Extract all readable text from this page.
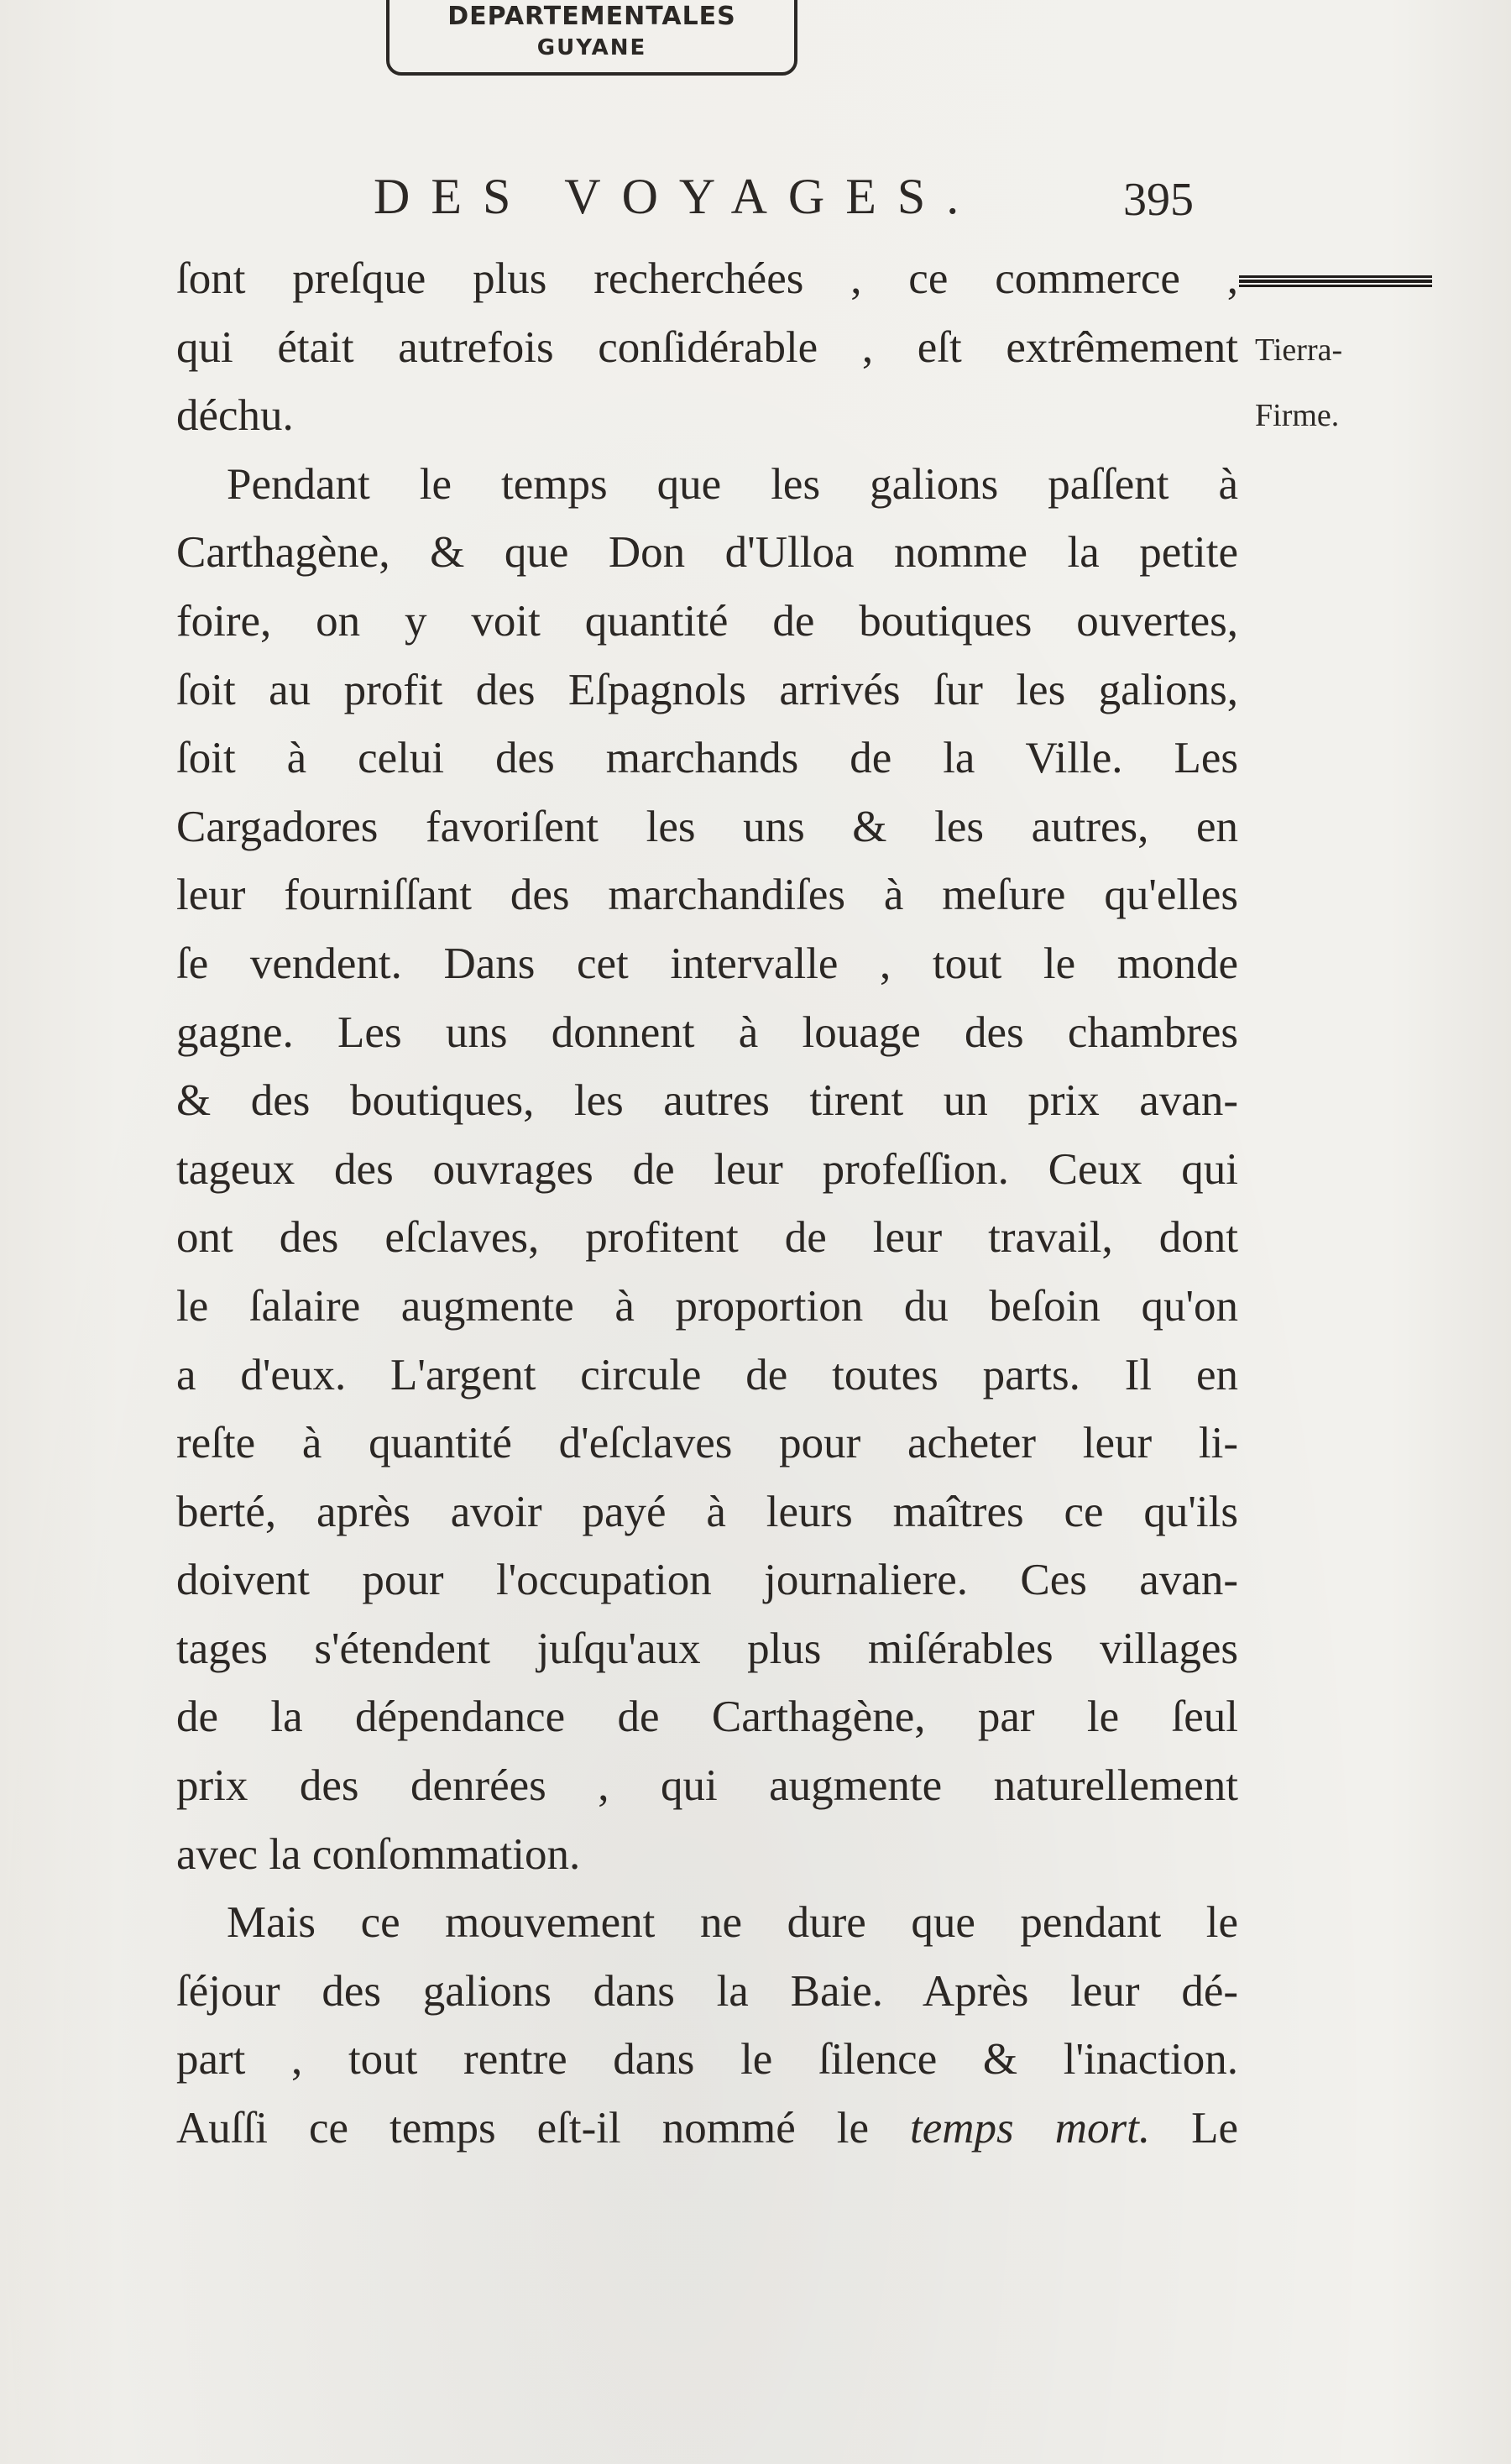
DEPARTEMENTALES
GUYANE
DES VOYAGES.	395
Tierra-
Firme.
ſont preſque plus recherchées , ce commerce ,
qui était autrefois conſidérable , eſt extrêmement
déchu.
Pendant le temps que les galions paſſent à
Carthagène, & que Don d'Ulloa nomme la petite
foire, on y voit quantité de boutiques ouvertes,
ſoit au profit des Eſpagnols arrivés ſur les galions,
ſoit à celui des marchands de la Ville. Les
Cargadores favoriſent les uns & les autres, en
leur fourniſſant des marchandiſes à meſure qu'elles
ſe vendent. Dans cet intervalle , tout le monde
gagne. Les uns donnent à louage des chambres
& des boutiques, les autres tirent un prix avan-
tageux des ouvrages de leur profeſſion. Ceux qui
ont des eſclaves, profitent de leur travail, dont
le ſalaire augmente à proportion du beſoin qu'on
a d'eux. L'argent circule de toutes parts. Il en
reſte à quantité d'eſclaves pour acheter leur li-
berté, après avoir payé à leurs maîtres ce qu'ils
doivent pour l'occupation journaliere. Ces avan-
tages s'étendent juſqu'aux plus miſérables villages
de la dépendance de Carthagène, par le ſeul
prix des denrées , qui augmente naturellement
avec la conſommation.
Mais ce mouvement ne dure que pendant le
ſéjour des galions dans la Baie. Après leur dé-
part , tout rentre dans le ſilence & l'inaction.
Auſſi ce temps eſt-il nommé le temps mort. Le
